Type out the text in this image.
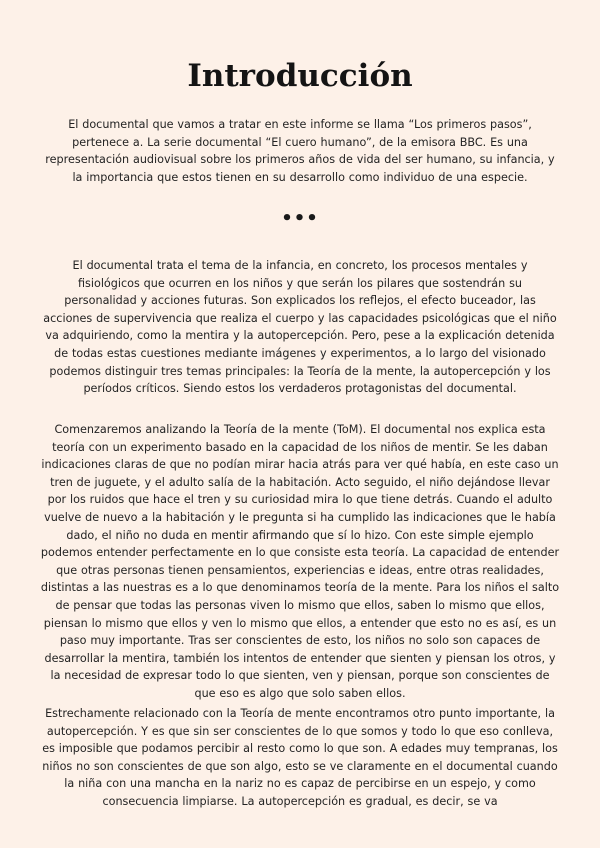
Introducción

El documental que vamos a tratar en este informe se llama “Los primeros pasos”, pertenece a. La serie documental “El cuero humano”, de la emisora BBC. Es una representación audiovisual sobre los primeros años de vida del ser humano, su infancia, y la importancia que estos tienen en su desarrollo como individuo de una especie.

•••

El documental trata el tema de la infancia, en concreto, los procesos mentales y fisiológicos que ocurren en los niños y que serán los pilares que sostendrán su personalidad y acciones futuras. Son explicados los reflejos, el efecto buceador, las acciones de supervivencia que realiza el cuerpo y las capacidades psicológicas que el niño va adquiriendo, como la mentira y la autopercepción. Pero, pese a la explicación detenida de todas estas cuestiones mediante imágenes y experimentos, a lo largo del visionado podemos distinguir tres temas principales: la Teoría de la mente, la autopercepción y los períodos críticos. Siendo estos los verdaderos protagonistas del documental.

Comenzaremos analizando la Teoría de la mente (ToM). El documental nos explica esta teoría con un experimento basado en la capacidad de los niños de mentir. Se les daban indicaciones claras de que no podían mirar hacia atrás para ver qué había, en este caso un tren de juguete, y el adulto salía de la habitación. Acto seguido, el niño dejándose llevar por los ruidos que hace el tren y su curiosidad mira lo que tiene detrás. Cuando el adulto vuelve de nuevo a la habitación y le pregunta si ha cumplido las indicaciones que le había dado, el niño no duda en mentir afirmando que sí lo hizo. Con este simple ejemplo podemos entender perfectamente en lo que consiste esta teoría. La capacidad de entender que otras personas tienen pensamientos, experiencias e ideas, entre otras realidades, distintas a las nuestras es a lo que denominamos teoría de la mente. Para los niños el salto de pensar que todas las personas viven lo mismo que ellos, saben lo mismo que ellos, piensan lo mismo que ellos y ven lo mismo que ellos, a entender que esto no es así, es un paso muy importante. Tras ser conscientes de esto, los niños no solo son capaces de desarrollar la mentira, también los intentos de entender que sienten y piensan los otros, y la necesidad de expresar todo lo que sienten, ven y piensan, porque son conscientes de que eso es algo que solo saben ellos.

Estrechamente relacionado con la Teoría de mente encontramos otro punto importante, la autopercepción. Y es que sin ser conscientes de lo que somos y todo lo que eso conlleva, es imposible que podamos percibir al resto como lo que son. A edades muy tempranas, los niños no son conscientes de que son algo, esto se ve claramente en el documental cuando la niña con una mancha en la nariz no es capaz de percibirse en un espejo, y como consecuencia limpiarse. La autopercepción es gradual, es decir, se va
